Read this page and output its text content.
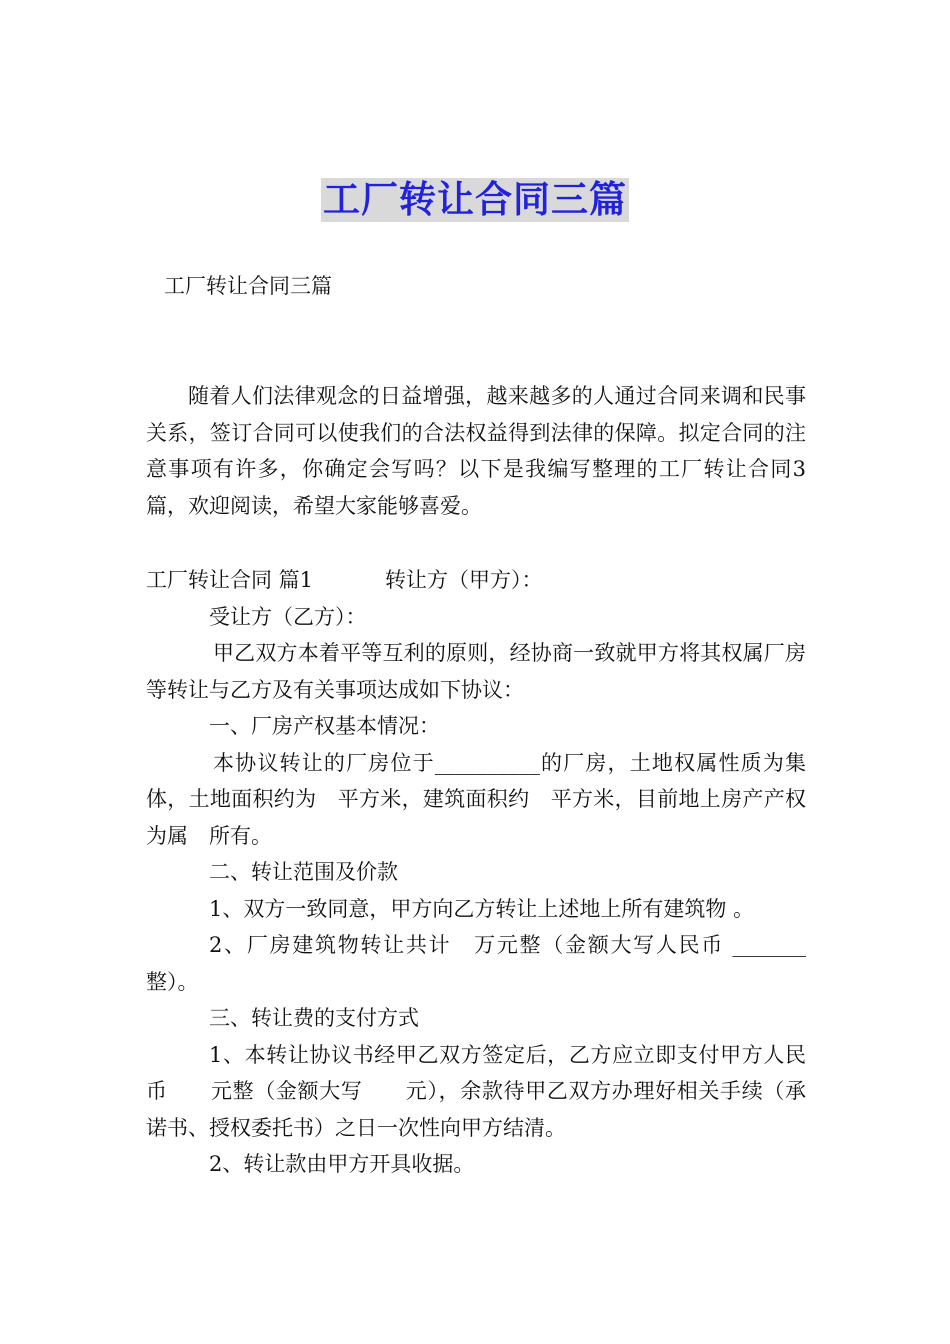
工厂转让合同三篇
工厂转让合同三篇

随着人们法律观念的日益增强，越来越多的人通过合同来调和民事关系，签订合同可以使我们的合法权益得到法律的保障。拟定合同的注意事项有许多，你确定会写吗？以下是我编写整理的工厂转让合同3篇，欢迎阅读，希望大家能够喜爱。

工厂转让合同 篇1	转让方（甲方）：

受让方（乙方）：

甲乙双方本着平等互利的原则，经协商一致就甲方将其权属厂房等转让与乙方及有关事项达成如下协议：

一、厂房产权基本情况：

本协议转让的厂房位于__________的厂房，土地权属性质为集体，土地面积约为　平方米，建筑面积约　平方米，目前地上房产产权为属　所有。

二、转让范围及价款

1、双方一致同意，甲方向乙方转让上述地上所有建筑物 。

2、厂房建筑物转让共计　万元整（金额大写人民币 _______整）。

三、转让费的支付方式

1、本转让协议书经甲乙双方签定后，乙方应立即支付甲方人民币　　元整（金额大写　　元），余款待甲乙双方办理好相关手续（承诺书、授权委托书）之日一次性向甲方结清。

2、转让款由甲方开具收据。
